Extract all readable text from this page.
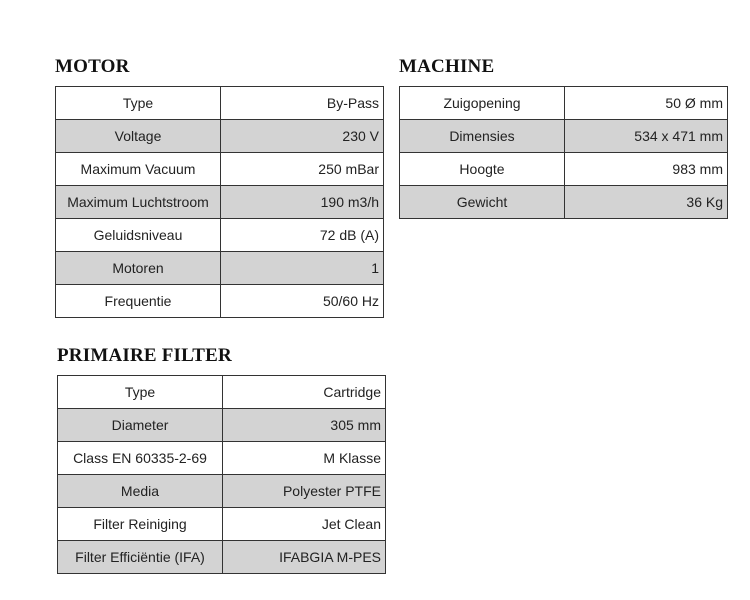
MOTOR
Type	By-Pass
Voltage	230 V
Maximum Vacuum	250 mBar
Maximum Luchtstroom	190 m3/h
Geluidsniveau	72 dB (A)
Motoren	1
Frequentie	50/60 Hz
MACHINE
Zuigopening	50 Ø mm
Dimensies	534 x 471 mm
Hoogte	983 mm
Gewicht	36 Kg
PRIMAIRE FILTER
Type	Cartridge
Diameter	305 mm
Class EN 60335-2-69	M Klasse
Media	Polyester PTFE
Filter Reiniging	Jet Clean
Filter Efficiëntie (IFA)	IFABGIA M-PES
